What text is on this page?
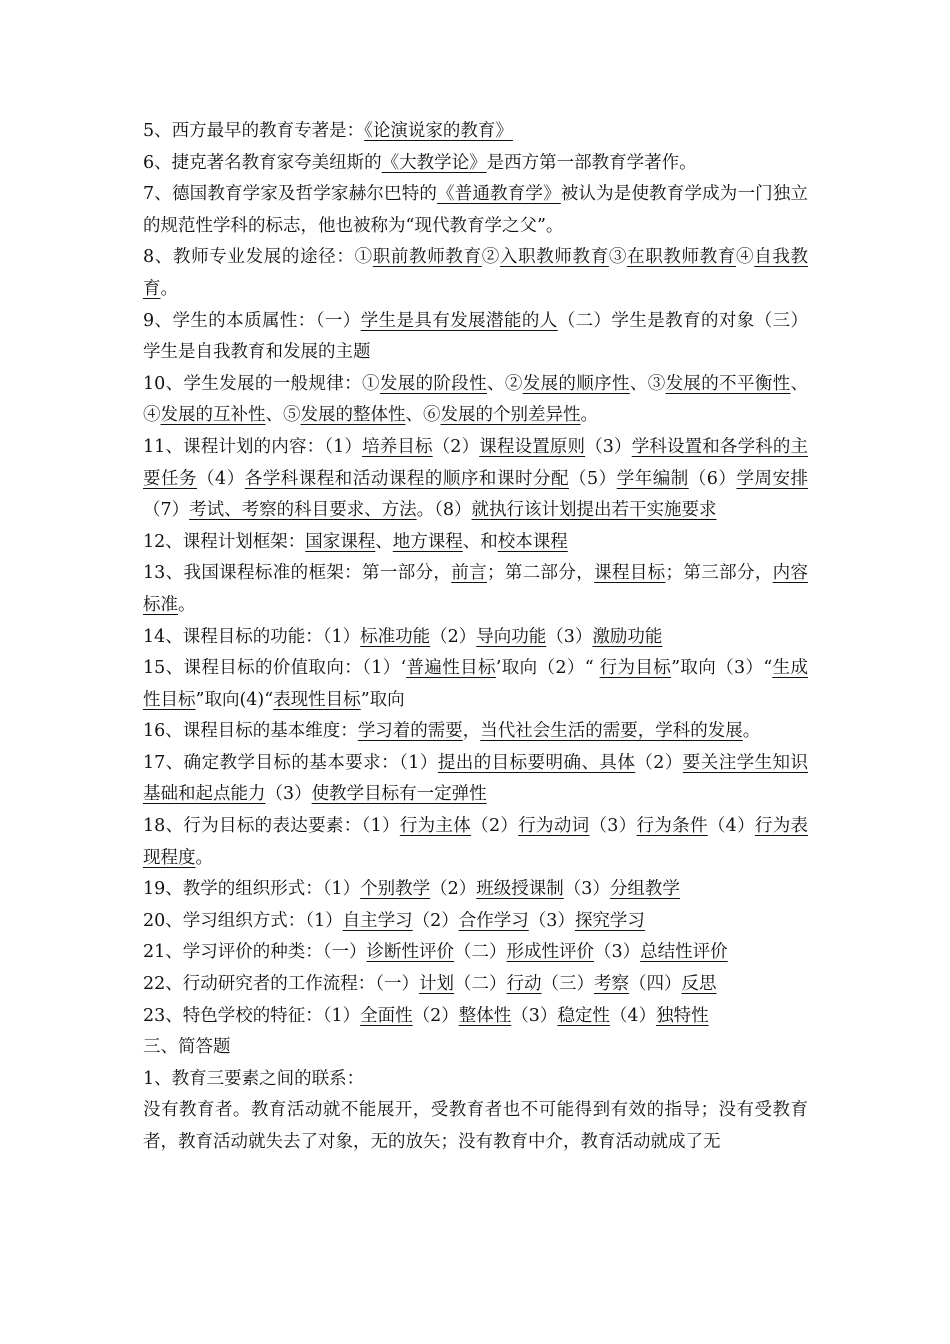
5、西方最早的教育专著是：《论演说家的教育》
6、捷克著名教育家夸美纽斯的《大教学论》是西方第一部教育学著作。
7、德国教育学家及哲学家赫尔巴特的《普通教育学》被认为是使教育学成为一门独立的规范性学科的标志，他也被称为“现代教育学之父”。
8、教师专业发展的途径：①职前教师教育②入职教师教育③在职教师教育④自我教育。
9、学生的本质属性：（一）学生是具有发展潜能的人（二）学生是教育的对象（三）学生是自我教育和发展的主题
10、学生发展的一般规律：①发展的阶段性、②发展的顺序性、③发展的不平衡性、④发展的互补性、⑤发展的整体性、⑥发展的个别差异性。
11、课程计划的内容：（1）培养目标（2）课程设置原则（3）学科设置和各学科的主要任务（4）各学科课程和活动课程的顺序和课时分配（5）学年编制（6）学周安排（7）考试、考察的科目要求、方法。（8）就执行该计划提出若干实施要求
12、课程计划框架：国家课程、地方课程、和校本课程
13、我国课程标准的框架：第一部分，前言；第二部分，课程目标；第三部分，内容标准。
14、课程目标的功能：（1）标准功能（2）导向功能（3）激励功能
15、课程目标的价值取向：（1）‘普遍性目标’取向（2）“ 行为目标”取向（3）“生成性目标”取向(4)“表现性目标”取向
16、课程目标的基本维度：学习着的需要，当代社会生活的需要，学科的发展。
17、确定教学目标的基本要求：（1）提出的目标要明确、具体（2）要关注学生知识基础和起点能力（3）使教学目标有一定弹性
18、行为目标的表达要素：（1）行为主体（2）行为动词（3）行为条件（4）行为表现程度。
19、教学的组织形式：（1）个别教学（2）班级授课制（3）分组教学
20、学习组织方式：（1）自主学习（2）合作学习（3）探究学习
21、学习评价的种类：（一）诊断性评价（二）形成性评价（3）总结性评价
22、行动研究者的工作流程：（一）计划（二）行动（三）考察（四）反思
23、特色学校的特征：（1）全面性（2）整体性（3）稳定性（4）独特性
三、简答题
1、教育三要素之间的联系：
没有教育者。教育活动就不能展开，受教育者也不可能得到有效的指导；没有受教育者，教育活动就失去了对象，无的放矢；没有教育中介，教育活动就成了无
